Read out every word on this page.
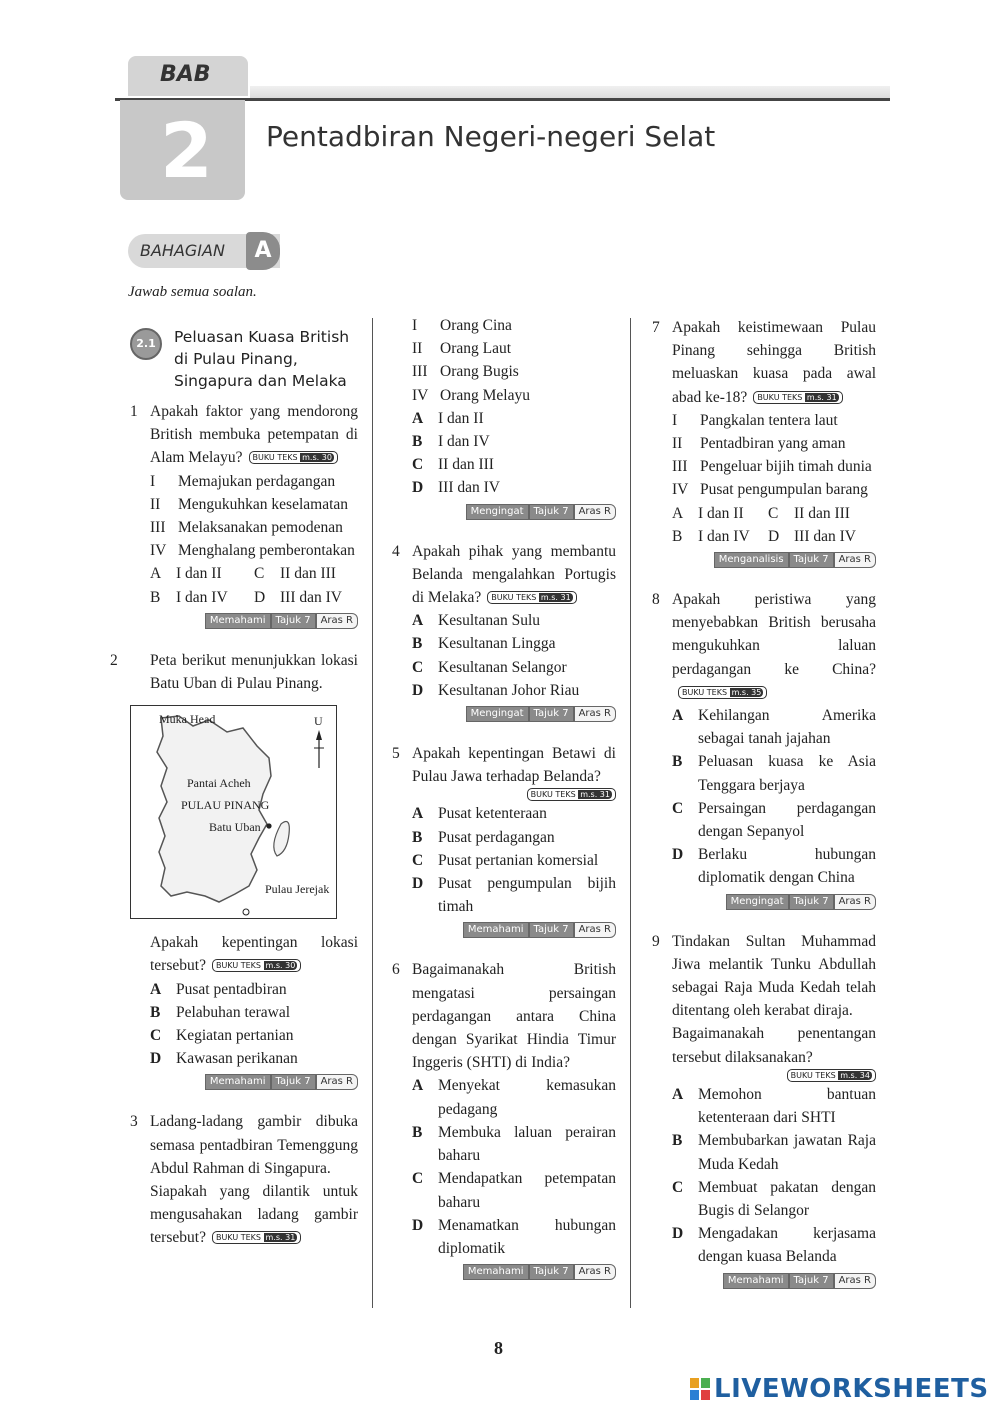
BAB
2 Pentadbiran Negeri-negeri Selat
BAHAGIAN	A
Jawab semua soalan.
2.1	Peluasan Kuasa British
di Pulau Pinang,
Singapura dan Melaka
1 Apakah faktor yang mendorong British membuka petempatan di Alam Melayu? BUKU TEKS m.s. 30
I Memajukan perdagangan
II Mengukuhkan keselamatan
III Melaksanakan pemodenan
IV Menghalang pemberontakan
A I dan II	C II dan III
B I dan IV	D III dan IV
Memahami Tajuk 7 Aras R
2 Peta berikut menunjukkan lokasi Batu Uban di Pulau Pinang.
Muka Head	U
Pantai Acheh
PULAU PINANG
Batu Uban
Pulau Jerejak
Apakah kepentingan lokasi tersebut? BUKU TEKS m.s. 30
A Pusat pentadbiran
B Pelabuhan terawal
C Kegiatan pertanian
D Kawasan perikanan
Memahami Tajuk 7 Aras R
3 Ladang-ladang gambir dibuka semasa pentadbiran Temenggung Abdul Rahman di Singapura.
Siapakah yang dilantik untuk mengusahakan ladang gambir tersebut? BUKU TEKS m.s. 31
I Orang Cina
II Orang Laut
III Orang Bugis
IV Orang Melayu
A I dan II
B I dan IV
C II dan III
D III dan IV
Mengingat Tajuk 7 Aras R
4 Apakah pihak yang membantu Belanda mengalahkan Portugis di Melaka? BUKU TEKS m.s. 31
A Kesultanan Sulu
B Kesultanan Lingga
C Kesultanan Selangor
D Kesultanan Johor Riau
Mengingat Tajuk 7 Aras R
5 Apakah kepentingan Betawi di Pulau Jawa terhadap Belanda?
BUKU TEKS m.s. 31
A Pusat ketenteraan
B Pusat perdagangan
C Pusat pertanian komersial
D Pusat pengumpulan bijih timah
Memahami Tajuk 7 Aras R
6 Bagaimanakah British mengatasi persaingan perdagangan antara China dengan Syarikat Hindia Timur Inggeris (SHTI) di India?
A Menyekat kemasukan pedagang
B Membuka laluan perairan baharu
C Mendapatkan petempatan baharu
D Menamatkan hubungan diplomatik
Memahami Tajuk 7 Aras R
7 Apakah keistimewaan Pulau Pinang sehingga British meluaskan kuasa pada awal abad ke-18? BUKU TEKS m.s. 31
I Pangkalan tentera laut
II Pentadbiran yang aman
III Pengeluar bijih timah dunia
IV Pusat pengumpulan barang
A I dan II	C II dan III
B I dan IV	D III dan IV
Menganalisis Tajuk 7 Aras R
8 Apakah peristiwa yang menyebabkan British berusaha mengukuhkan laluan perdagangan ke China?BUKU TEKS m.s. 35
A Kehilangan Amerika sebagai tanah jajahan
B Peluasan kuasa ke Asia Tenggara berjaya
C Persaingan perdagangan dengan Sepanyol
D Berlaku hubungan diplomatik dengan China
Mengingat Tajuk 7 Aras R
9 Tindakan Sultan Muhammad Jiwa melantik Tunku Abdullah sebagai Raja Muda Kedah telah ditentang oleh kerabat diraja.
Bagaimanakah penentangan tersebut dilaksanakan?
BUKU TEKS m.s. 34
A Memohon bantuan ketenteraan dari SHTI
B Membubarkan jawatan Raja Muda Kedah
C Membuat pakatan dengan Bugis di Selangor
D Mengadakan kerjasama dengan kuasa Belanda
Memahami Tajuk 7 Aras R
8
LIVEWORKSHEETS
